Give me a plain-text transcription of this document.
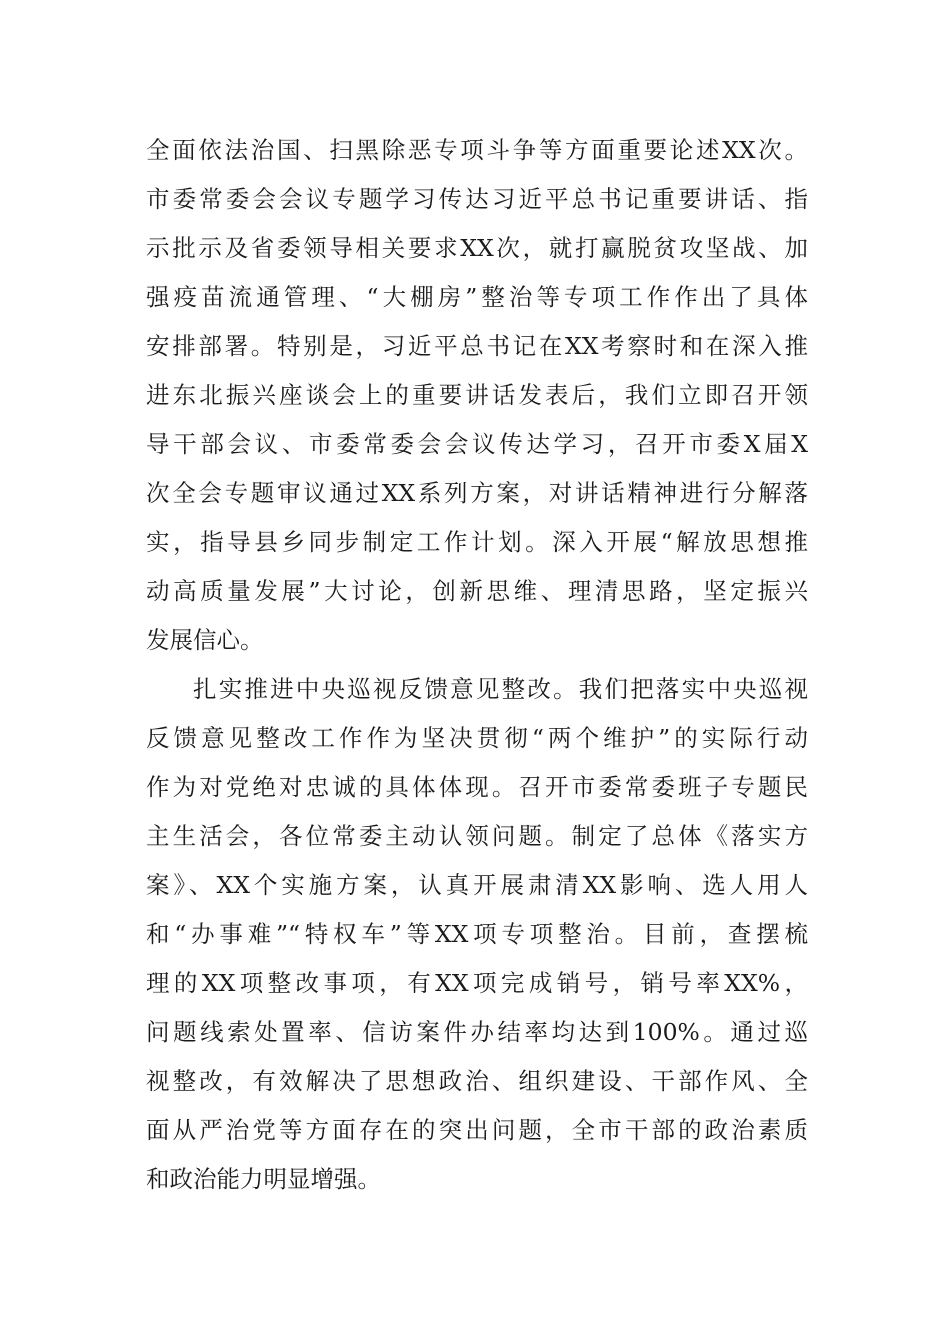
全面依法治国、扫黑除恶专项斗争等方面重要论述XX次。
市委常委会会议专题学习传达习近平总书记重要讲话、指
示批示及省委领导相关要求XX次，就打赢脱贫攻坚战、加
强疫苗流通管理、“大棚房”整治等专项工作作出了具体
安排部署。特别是，习近平总书记在XX考察时和在深入推
进东北振兴座谈会上的重要讲话发表后，我们立即召开领
导干部会议、市委常委会会议传达学习，召开市委X届X
次全会专题审议通过XX系列方案，对讲话精神进行分解落
实，指导县乡同步制定工作计划。深入开展“解放思想推
动高质量发展”大讨论，创新思维、理清思路，坚定振兴
发展信心。
扎实推进中央巡视反馈意见整改。我们把落实中央巡视
反馈意见整改工作作为坚决贯彻“两个维护”的实际行动
作为对党绝对忠诚的具体体现。召开市委常委班子专题民
主生活会，各位常委主动认领问题。制定了总体《落实方
案》、XX个实施方案，认真开展肃清XX影响、选人用人
和“办事难”“特权车”等XX项专项整治。目前，查摆梳
理的XX项整改事项，有XX项完成销号，销号率XX%，
问题线索处置率、信访案件办结率均达到100%。通过巡
视整改，有效解决了思想政治、组织建设、干部作风、全
面从严治党等方面存在的突出问题，全市干部的政治素质
和政治能力明显增强。
